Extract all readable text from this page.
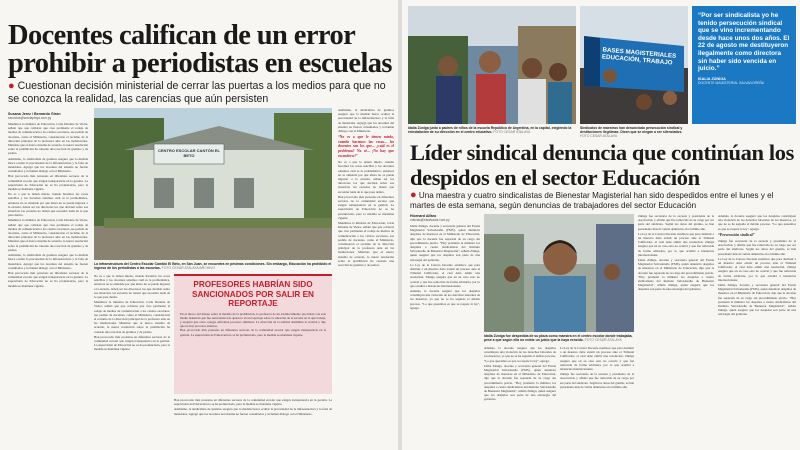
Docentes califican de un error prohibir a periodistas en escuelas
● Cuestionan decisión ministerial de cerrar las puertas a los medios para que no se conozca la realidad, las carencias que aún persisten
Susana Jerez / Bernardo Girón
servicios@todolaplaya.com.py

Miembros la ministra de Educación, Carla Durante de Vieira, señaló que que cobiaraz que cree pertinente el rodaje de medios de comunicación a los centros escolares, ese pedido de docentes, como el Ministerio, consideraron el reclamo de la dirección principal de la profesora ante en las instituciones. Mientras que el nuevo sistema de acuerdo, la nueva resolución sobre la prohibición ha causado una reacción de gremios y de padres.

Asimismo, la sindicalista de gremios aseguró que la medida busca ocultar la precariedad de la infraestructura y la falta de materiales. Agregó que los docentes del sistema no fueron consultados y reclaman diálogo con el Ministerio.

Han provocado más protestas en diferentes sectores de la comunidad escolar que exigen transparencia en la gestión. La supervisión de Educación no se ha pronunciado, pero la medida se mantiene vigente.

No es a que le tienen miedo, cuando hacemos las cosas sencillas y los docentes sabemos cuál es la problemática, entonces no se entiende por qué ahora no se puede ingresar a la escuela, deben ser los directores los que deciden sobre esa situación, las escuelas no tienen que esconder nada de lo que pasa dentro.

Miembros la ministra de Educación, Carla Durante de Vieira, señaló que que cobiaraz que cree pertinente el rodaje de medios de comunicación a los centros escolares, ese pedido de docentes, como el Ministerio, consideraron el reclamo de la dirección principal de la profesora ante en las instituciones. Mientras que el nuevo sistema de acuerdo, la nueva resolución sobre la prohibición ha causado una reacción de gremios y de padres.

Asimismo, la sindicalista de gremios aseguró que la medida busca ocultar la precariedad de la infraestructura y la falta de materiales. Agregó que los docentes del sistema no fueron consultados y reclaman diálogo con el Ministerio.

Han provocado más protestas en diferentes sectores de la comunidad escolar que exigen transparencia en la gestión. La supervisión de Educación no se ha pronunciado, pero la medida se mantiene vigente.

CENTRO ESCOLAR CANTÓN EL BETO
La infraestructura del Centro Escolar Cambió El Beto, en San Juan, se encuentra en pésimas condiciones. Sin embargo, Educación ha prohibido el ingreso de los periodistas a las escuelas. FOTO CESAR ATALAYA/ARCHIVO

Asimismo, la sindicalista de gremios aseguró que la medida busca ocultar la precariedad de la infraestructura y la falta de materiales. Agregó que los docentes del sistema no fueron consultados y reclaman diálogo con el Ministerio.

“No es a que le tienen miedo, cuando hacemos las cosas... los docentes son los que... ¿cuál es el problema? No sé... ¡No hay que esconderse!”

No es a que le tienen miedo, cuando hacemos las cosas sencillas y los docentes sabemos cuál es la problemática, entonces no se entiende por qué ahora no se puede ingresar a la escuela, deben ser los directores los que deciden sobre esa situación, las escuelas no tienen que esconder nada de lo que pasa dentro.

Han provocado más protestas en diferentes sectores de la comunidad escolar que exigen transparencia en la gestión. La supervisión de Educación no se ha pronunciado, pero la medida se mantiene vigente.

Miembros la ministra de Educación, Carla Durante de Vieira, señaló que que cobiaraz que cree pertinente el rodaje de medios de comunicación a los centros escolares, ese pedido de docentes, como el Ministerio, consideraron el reclamo de la dirección principal de la profesora ante en las instituciones. Mientras que el nuevo sistema de acuerdo, la nueva resolución sobre la prohibición ha causado una reacción de gremios y de padres.

No es a que le tienen miedo, cuando hacemos las cosas sencillas y los docentes sabemos cuál es la problemática, entonces no se entiende por qué ahora no se puede ingresar a la escuela, deben ser los directores los que deciden sobre esa situación, las escuelas no tienen que esconder nada de lo que pasa dentro.

Miembros la ministra de Educación, Carla Durante de Vieira, señaló que que cobiaraz que cree pertinente el rodaje de medios de comunicación a los centros escolares, ese pedido de docentes, como el Ministerio, consideraron el reclamo de la dirección principal de la profesora ante en las instituciones. Mientras que el nuevo sistema de acuerdo, la nueva resolución sobre la prohibición ha causado una reacción de gremios y de padres.

Han provocado más protestas en diferentes sectores de la comunidad escolar que exigen transparencia en la gestión. La supervisión de Educación no se ha pronunciado, pero la medida se mantiene vigente.

PROFESORES HABRÍAN SIDO SANCIONADOS POR SALIR EN REPORTAJE
En el marco del debate sobre la medida de la prohibición, la profesora de un establecimiento que habló con este medio denunció que fue sancionada tras aparecer en un reportaje sobre la situación de la escuela en la que trabaja, y aseguró que otros colegas enfrentan procesos similares. La dirección de la entidad desmintió la versión y dijo que no hay procesos abiertos.
Han provocado más protestas en diferentes sectores de la comunidad escolar que exigen transparencia en la gestión. La supervisión de Educación no se ha pronunciado, pero la medida se mantiene vigente.

Han provocado más protestas en diferentes sectores de la comunidad escolar que exigen transparencia en la gestión. La supervisión de Educación no se ha pronunciado, pero la medida se mantiene vigente.

Asimismo, la sindicalista de gremios aseguró que la medida busca ocultar la precariedad de la infraestructura y la falta de materiales. Agregó que los docentes del sistema no fueron consultados y reclaman diálogo con el Ministerio.

BASES MAGISTERIALES EDUCACIÓN, TRABAJO
“Por ser sindicalista yo he tenido persecución sindical que se vino incrementando desde hace unos dos años. El 22 de agosto me destituyeron ilegalmente como directora sin haber sido vencida en juicio.”
ISALIA ZÚNIGA
DOCENTE MAGISTERIAL SALVADOREÑA
Idalia Zúniga junto a padres de niños de la escuela República de Argentina, en la capital, exigiendo la reinstalación de su dirección en el centro educativo. FOTO CESAR ATALAYA
Sindicatos de maestros han denunciado persecución sindical y destituciones ilegítimas. Dicen que se niegan a ser silenciados. FOTO CESAR ATALAYA
Líder sindical denuncia que continúan los despidos en el sector Educación
● Una maestra y cuatro sindicalistas de Bienestar Magisterial han sido despedidos entre el lunes y el martes de esta semana, según denuncias de trabajadores del sector Educación
Hiornard Alfaro
noticias@elsalvador.com.py

Idalia Zúniga, docente y secretaria general del Frente Magisterial Salvadoreño (FMS), quien denunció despidos de maestros en el Ministerio de Educación, dijo que la docente fue separada de su cargo sin procedimiento previo. "Hoy prometió la ministra los despidos a cuatro sindicalistas del Instituto Salvadoreño de Bienestar Magisterial", señaló Zúniga, quien aseguró que los despidos son parte de una estrategia del gobierno.

La Ley de la Carrera Docente establece que para destituir a un maestro debe existir un proceso ante el Tribunal Calificador, el cual debe emitir una resolución. Zúniga asegura que en su caso esto no ocurrió y que fue removida de forma arbitraria, por lo que acudirá a instancias internacionales.

Además, la docente aseguró que los despidos constituyen una violación de los derechos laborales de los maestros, ya que no se ha seguido el debido proceso. "Lo que queremos es que se respete la ley", agregó.

Idalia Zúniga fue despedida de su plaza como maestra en el centro escolar donde trabajaba, pese a que según ella no existe un juicio que la haya vencido. FOTO CESAR ATALAYA

Además, la docente aseguró que los despidos constituyen una violación de los derechos laborales de los maestros, ya que no se ha seguido el debido proceso. "Lo que queremos es que se respete la ley", agregó.

Idalia Zúniga, docente y secretaria general del Frente Magisterial Salvadoreño (FMS), quien denunció despidos de maestros en el Ministerio de Educación, dijo que la docente fue separada de su cargo sin procedimiento previo. "Hoy prometió la ministra los despidos a cuatro sindicalistas del Instituto Salvadoreño de Bienestar Magisterial", señaló Zúniga, quien aseguró que los despidos son parte de una estrategia del gobierno.

La Ley de la Carrera Docente establece que para destituir a un maestro debe existir un proceso ante el Tribunal Calificador, el cual debe emitir una resolución. Zúniga asegura que en su caso esto no ocurrió y que fue removida de forma arbitraria, por lo que acudirá a instancias internacionales.

Zúniga fue secretaria de la escuela y presidenta de la Asociación, y afirma que fue removida de su cargo por ser parte del sindicato. Según los datos del gremio, se han presentado más de veinte denuncias en el último año.

Zúniga fue secretaria de la escuela y presidenta de la Asociación, y afirma que fue removida de su cargo por ser parte del sindicato. Según los datos del gremio, se han presentado más de veinte denuncias en el último año.

La Ley de la Carrera Docente establece que para destituir a un maestro debe existir un proceso ante el Tribunal Calificador, el cual debe emitir una resolución. Zúniga asegura que en su caso esto no ocurrió y que fue removida de forma arbitraria, por lo que acudirá a instancias internacionales.

Idalia Zúniga, docente y secretaria general del Frente Magisterial Salvadoreño (FMS), quien denunció despidos de maestros en el Ministerio de Educación, dijo que la docente fue separada de su cargo sin procedimiento previo. "Hoy prometió la ministra los despidos a cuatro sindicalistas del Instituto Salvadoreño de Bienestar Magisterial", señaló Zúniga, quien aseguró que los despidos son parte de una estrategia del gobierno.

Además, la docente aseguró que los despidos constituyen una violación de los derechos laborales de los maestros, ya que no se ha seguido el debido proceso. "Lo que queremos es que se respete la ley", agregó.

“Persecución sindical”

Zúniga fue secretaria de la escuela y presidenta de la Asociación, y afirma que fue removida de su cargo por ser parte del sindicato. Según los datos del gremio, se han presentado más de veinte denuncias en el último año.

La Ley de la Carrera Docente establece que para destituir a un maestro debe existir un proceso ante el Tribunal Calificador, el cual debe emitir una resolución. Zúniga asegura que en su caso esto no ocurrió y que fue removida de forma arbitraria, por lo que acudirá a instancias internacionales.

Idalia Zúniga, docente y secretaria general del Frente Magisterial Salvadoreño (FMS), quien denunció despidos de maestros en el Ministerio de Educación, dijo que la docente fue separada de su cargo sin procedimiento previo. "Hoy prometió la ministra los despidos a cuatro sindicalistas del Instituto Salvadoreño de Bienestar Magisterial", señaló Zúniga, quien aseguró que los despidos son parte de una estrategia del gobierno.
